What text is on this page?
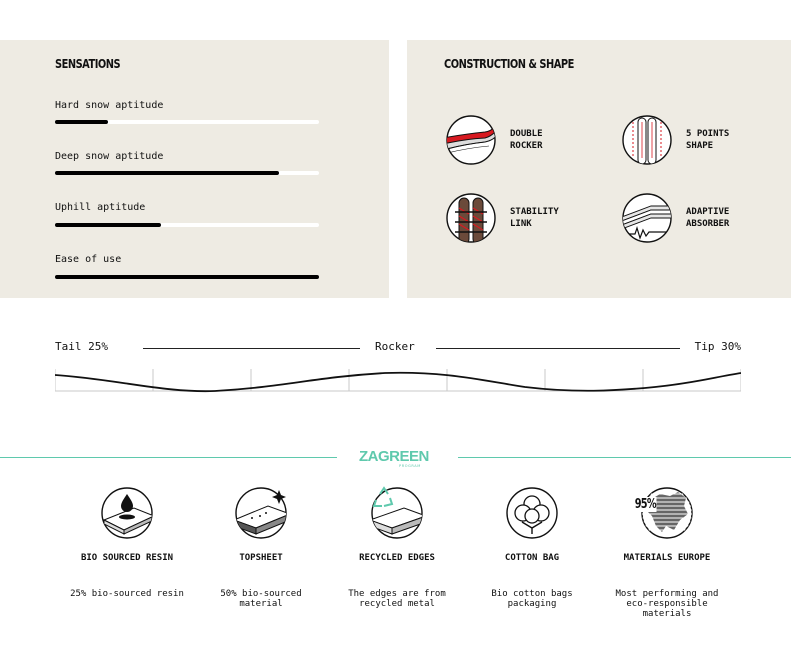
SENSATIONS
Hard snow aptitude
Deep snow aptitude
Uphill aptitude
Ease of use
CONSTRUCTION & SHAPE
DOUBLE
ROCKER
5 POINTS
SHAPE
STABILITY
LINK
ADAPTIVE
ABSORBER
Tail 25%	Rocker	Tip 30%
ZAGREEN
PROGRAM
BIO SOURCED RESIN
25% bio-sourced resin
TOPSHEET
50% bio-sourced material
RECYCLED EDGES
The edges are from recycled metal
COTTON BAG
Bio cotton bags packaging
95%
MATERIALS EUROPE
Most performing and eco-responsible materials
